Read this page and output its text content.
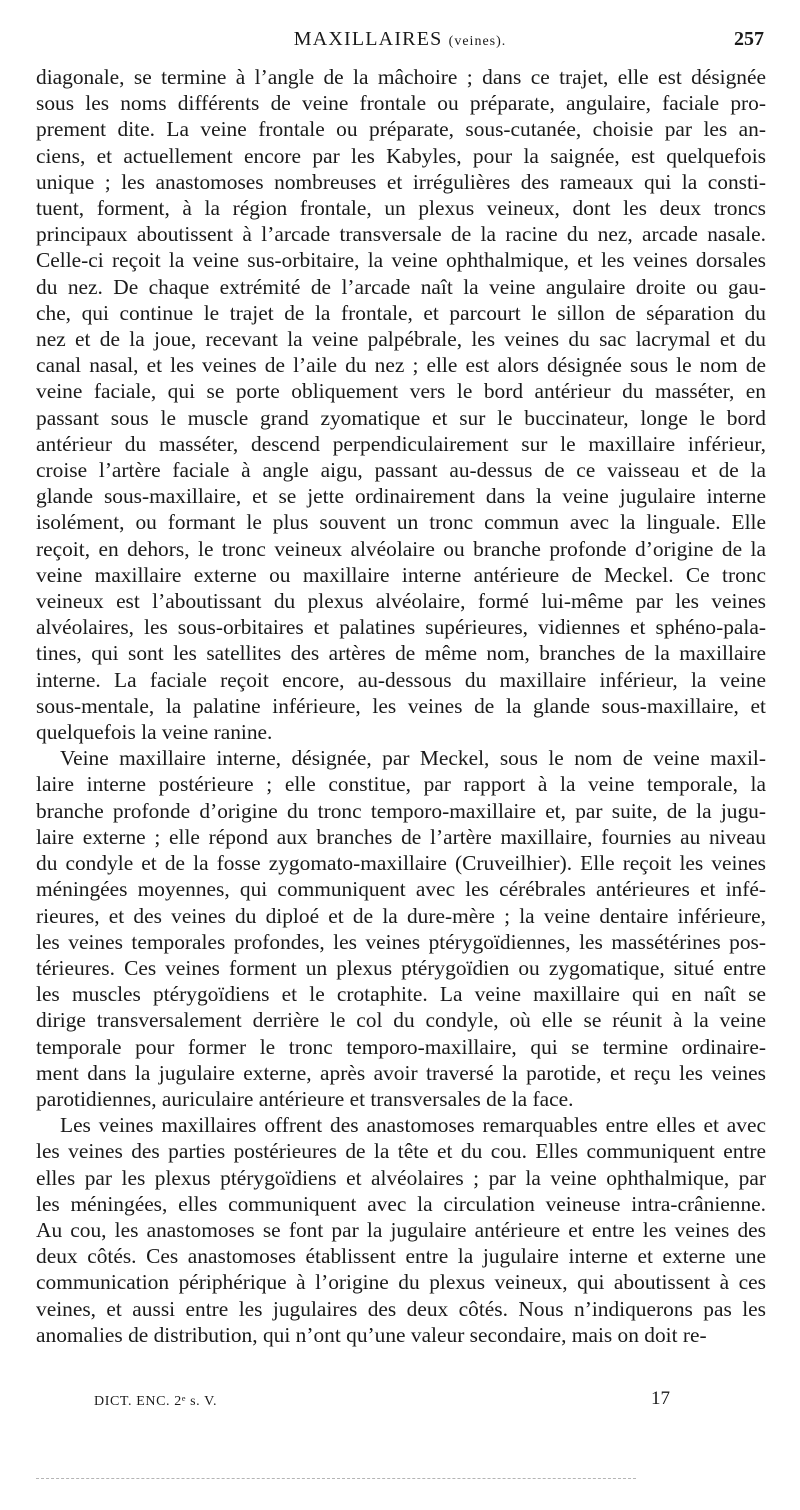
MAXILLAIRES (veines).	257

diagonale, se termine à l’angle de la mâchoire ; dans ce trajet, elle est désignée

sous les noms différents de veine frontale ou préparate, angulaire, faciale pro-

prement dite. La veine frontale ou préparate, sous-cutanée, choisie par les an-

ciens, et actuellement encore par les Kabyles, pour la saignée, est quelquefois

unique ; les anastomoses nombreuses et irrégulières des rameaux qui la consti-

tuent, forment, à la région frontale, un plexus veineux, dont les deux troncs

principaux aboutissent à l’arcade transversale de la racine du nez, arcade nasale.

Celle-ci reçoit la veine sus-orbitaire, la veine ophthalmique, et les veines dorsales

du nez. De chaque extrémité de l’arcade naît la veine angulaire droite ou gau-

che, qui continue le trajet de la frontale, et parcourt le sillon de séparation du

nez et de la joue, recevant la veine palpébrale, les veines du sac lacrymal et du

canal nasal, et les veines de l’aile du nez ; elle est alors désignée sous le nom de

veine faciale, qui se porte obliquement vers le bord antérieur du masséter, en

passant sous le muscle grand zyomatique et sur le buccinateur, longe le bord

antérieur du masséter, descend perpendiculairement sur le maxillaire inférieur,

croise l’artère faciale à angle aigu, passant au-dessus de ce vaisseau et de la

glande sous-maxillaire, et se jette ordinairement dans la veine jugulaire interne

isolément, ou formant le plus souvent un tronc commun avec la linguale. Elle

reçoit, en dehors, le tronc veineux alvéolaire ou branche profonde d’origine de la

veine maxillaire externe ou maxillaire interne antérieure de Meckel. Ce tronc

veineux est l’aboutissant du plexus alvéolaire, formé lui-même par les veines

alvéolaires, les sous-orbitaires et palatines supérieures, vidiennes et sphéno-pala-

tines, qui sont les satellites des artères de même nom, branches de la maxillaire

interne. La faciale reçoit encore, au-dessous du maxillaire inférieur, la veine

sous-mentale, la palatine inférieure, les veines de la glande sous-maxillaire, et

quelquefois la veine ranine.

Veine maxillaire interne, désignée, par Meckel, sous le nom de veine maxil-

laire interne postérieure ; elle constitue, par rapport à la veine temporale, la

branche profonde d’origine du tronc temporo-maxillaire et, par suite, de la jugu-

laire externe ; elle répond aux branches de l’artère maxillaire, fournies au niveau

du condyle et de la fosse zygomato-maxillaire (Cruveilhier). Elle reçoit les veines

méningées moyennes, qui communiquent avec les cérébrales antérieures et infé-

rieures, et des veines du diploé et de la dure-mère ; la veine dentaire inférieure,

les veines temporales profondes, les veines ptérygoïdiennes, les massétérines pos-

térieures. Ces veines forment un plexus ptérygoïdien ou zygomatique, situé entre

les muscles ptérygoïdiens et le crotaphite. La veine maxillaire qui en naît se

dirige transversalement derrière le col du condyle, où elle se réunit à la veine

temporale pour former le tronc temporo-maxillaire, qui se termine ordinaire-

ment dans la jugulaire externe, après avoir traversé la parotide, et reçu les veines

parotidiennes, auriculaire antérieure et transversales de la face.

Les veines maxillaires offrent des anastomoses remarquables entre elles et avec

les veines des parties postérieures de la tête et du cou. Elles communiquent entre

elles par les plexus ptérygoïdiens et alvéolaires ; par la veine ophthalmique, par

les méningées, elles communiquent avec la circulation veineuse intra-crânienne.

Au cou, les anastomoses se font par la jugulaire antérieure et entre les veines des

deux côtés. Ces anastomoses établissent entre la jugulaire interne et externe une

communication périphérique à l’origine du plexus veineux, qui aboutissent à ces

veines, et aussi entre les jugulaires des deux côtés. Nous n’indiquerons pas les

anomalies de distribution, qui n’ont qu’une valeur secondaire, mais on doit re-

DICT. ENC. 2ᵉ s. V.	17
